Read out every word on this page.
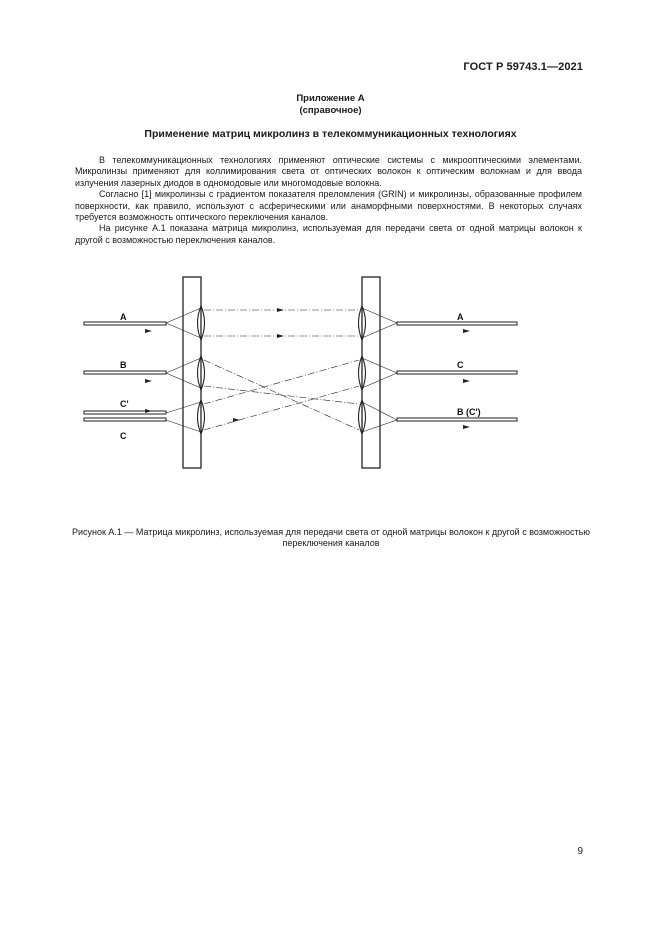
ГОСТ Р 59743.1—2021
Приложение А
(справочное)
Применение матриц микролинз в телекоммуникационных технологиях

В телекоммуникационных технологиях применяют оптические системы с микрооптическими элементами. Микролинзы применяют для коллимирования света от оптических волокон к оптическим волокнам и для ввода излучения лазерных диодов в одномодовые или многомодовые волокна.

Согласно [1] микролинзы с градиентом показателя преломления (GRIN) и микролинзы, образованные профилем поверхности, как правило, используют с асферическими или анаморфными поверхностями. В некоторых случаях требуется возможность оптического переключения каналов.

На рисунке А.1 показана матрица микролинз, используемая для передачи света от одной матрицы волокон к другой с возможностью переключения каналов.

A
B
C'
C
A
C
B (C')
Рисунок А.1 — Матрица микролинз, используемая для передачи света от одной матрицы волокон к другой с возможностью переключения каналов
9
